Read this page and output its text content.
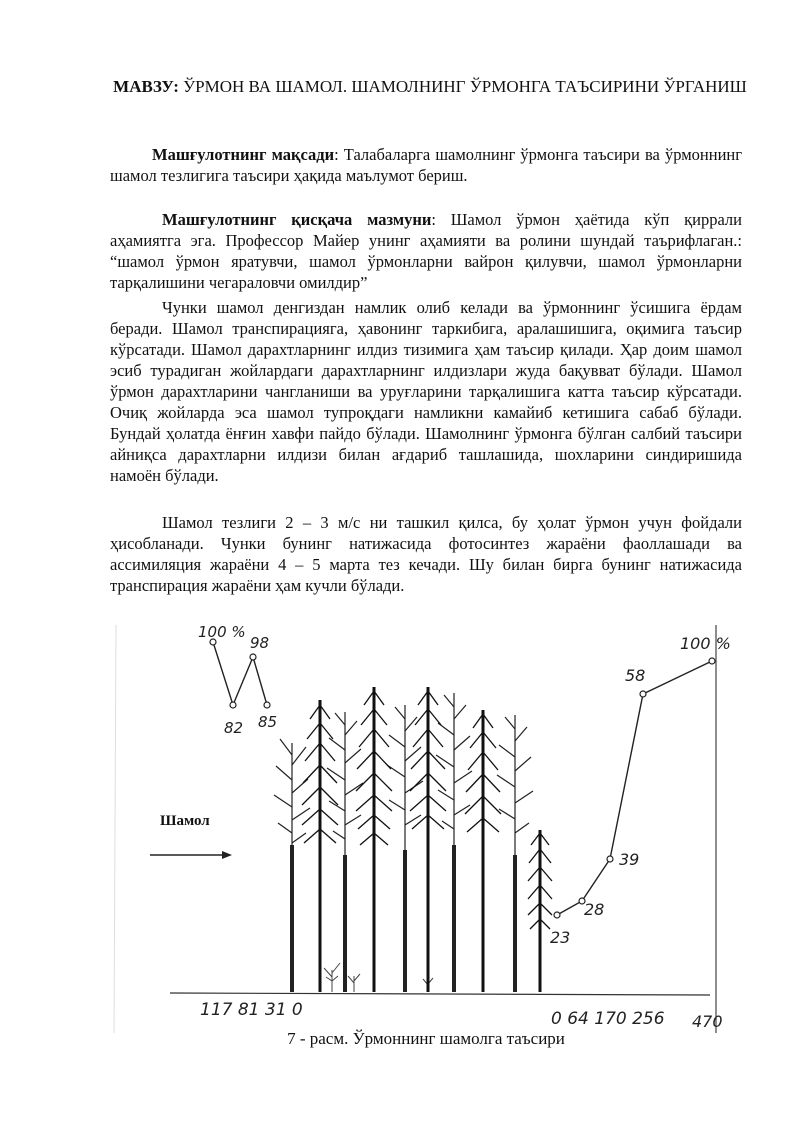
МАВЗУ: ЎРМОН ВА ШАМОЛ. ШАМОЛНИНГ ЎРМОНГА ТАЪСИРИНИ ЎРГАНИШ
Машғулотнинг мақсади: Талабаларга шамолнинг ўрмонга таъсири ва ўрмоннинг шамол тезлигига таъсири ҳақида маълумот бериш.
Машғулотнинг қисқача мазмуни: Шамол ўрмон ҳаётида кўп қиррали аҳамиятга эга. Профессор Майер унинг аҳамияти ва ролини шундай таърифлаган.: “шамол ўрмон яратувчи, шамол ўрмонларни вайрон қилувчи, шамол ўрмонларни тарқалишини чегараловчи омилдир”
Чунки шамол денгиздан намлик олиб келади ва ўрмоннинг ўсишига ёрдам беради. Шамол транспирацияга, ҳавонинг таркибига, аралашишига, оқимига таъсир кўрсатади. Шамол дарахтларнинг илдиз тизимига ҳам таъсир қилади. Ҳар доим шамол эсиб турадиган жойлардаги дарахтларнинг илдизлари жуда бақувват бўлади. Шамол ўрмон дарахтларини чангланиши ва уруғларини тарқалишига катта таъсир кўрсатади. Очиқ жойларда эса шамол тупроқдаги намликни камайиб кетишига сабаб бўлади. Бундай ҳолатда ёнғин хавфи пайдо бўлади. Шамолнинг ўрмонга бўлган салбий таъсири айниқса дарахтларни илдизи билан ағдариб ташлашида, шохларини синдиришида намоён бўлади.
Шамол тезлиги 2 – 3 м/с ни ташкил қилса, бу ҳолат ўрмон учун фойдали ҳисобланади. Чунки бунинг натижасида фотосинтез жараёни фаоллашади ва ассимиляция жараёни 4 – 5 марта тез кечади. Шу билан бирга бунинг натижасида транспирация жараёни ҳам кучли бўлади.
100 %
98
82 85
Шамол
23
28
39
58
100 %
117 81 31 0	0 64 170 256 470
7 - расм. Ўрмоннинг шамолга таъсири
